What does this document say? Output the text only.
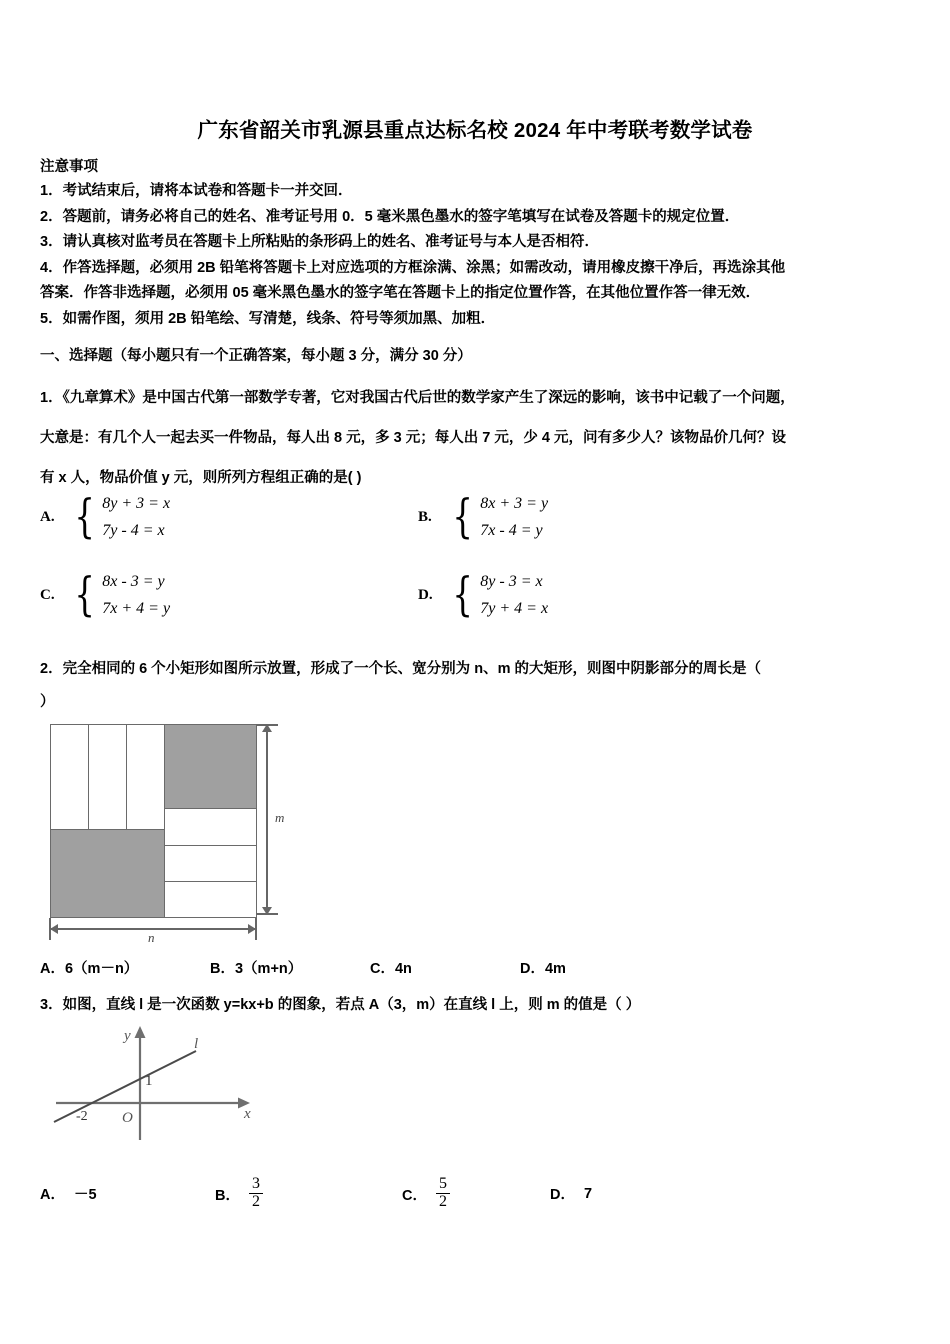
广东省韶关市乳源县重点达标名校 2024 年中考联考数学试卷
注意事项

1．考试结束后，请将本试卷和答题卡一并交回．

2．答题前，请务必将自己的姓名、准考证号用 0．5 毫米黑色墨水的签字笔填写在试卷及答题卡的规定位置．

3．请认真核对监考员在答题卡上所粘贴的条形码上的姓名、准考证号与本人是否相符．

4．作答选择题，必须用 2B 铅笔将答题卡上对应选项的方框涂满、涂黑；如需改动，请用橡皮擦干净后，再选涂其他

答案．作答非选择题，必须用 05 毫米黑色墨水的签字笔在答题卡上的指定位置作答，在其他位置作答一律无效．

5．如需作图，须用 2B 铅笔绘、写清楚，线条、符号等须加黑、加粗．

一、选择题（每小题只有一个正确答案，每小题 3 分，满分 30 分）

1．《九章算术》是中国古代第一部数学专著，它对我国古代后世的数学家产生了深远的影响，该书中记载了一个问题，

大意是：有几个人一起去买一件物品，每人出 8 元，多 3 元；每人出 7 元，少 4 元，问有多少人？该物品价几何？设

有 x 人，物品价值 y 元，则所列方程组正确的是( )

A. { 8y + 3 = x
7y - 4 = x
B. { 8x + 3 = y
7x - 4 = y
C. { 8x - 3 = y
7x + 4 = y
D. { 8y - 3 = x
7y + 4 = x

2．完全相同的 6 个小矩形如图所示放置，形成了一个长、宽分别为 n、m 的大矩形，则图中阴影部分的周长是（

）

m
n
A．6（m－n）	B．3（m+n）	C．4n	D．4m
3．如图，直线 l 是一次函数 y=kx+b 的图象，若点 A（3，m）在直线 l 上，则 m 的值是（ ）
y
x
O
1
-2
l
A． －5	B． $\frac{3}{2}$	C． $\frac{5}{2}$	D． 7
